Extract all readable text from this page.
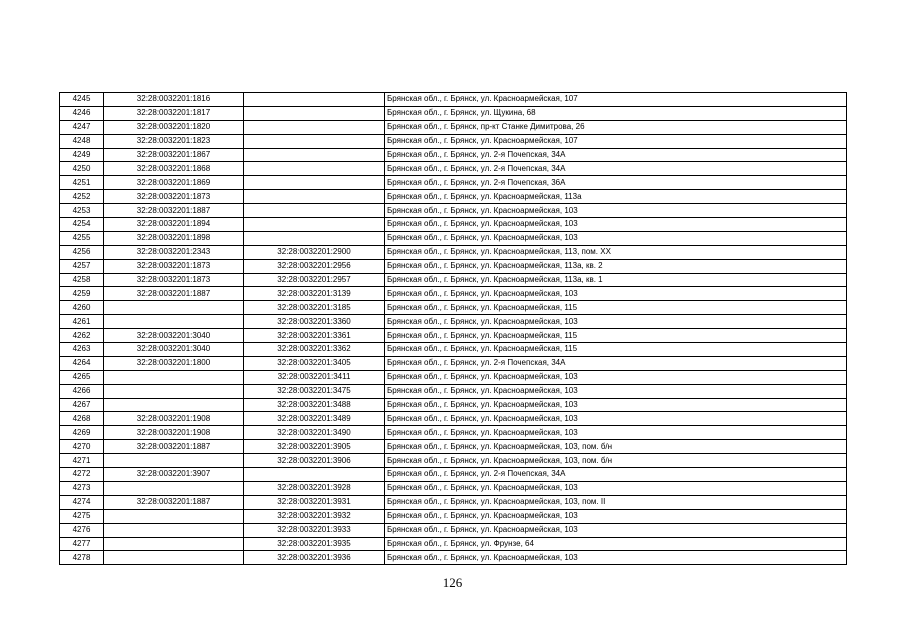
4245	32:28:0032201:1816		Брянская обл., г. Брянск, ул. Красноармейская, 107
4246	32:28:0032201:1817		Брянская обл., г. Брянск, ул. Щукина, 68
4247	32:28:0032201:1820		Брянская обл., г. Брянск, пр-кт Станке Димитрова, 26
4248	32:28:0032201:1823		Брянская обл., г. Брянск, ул. Красноармейская, 107
4249	32:28:0032201:1867		Брянская обл., г. Брянск, ул. 2-я Почепская, 34А
4250	32:28:0032201:1868		Брянская обл., г. Брянск, ул. 2-я Почепская, 34А
4251	32:28:0032201:1869		Брянская обл., г. Брянск, ул. 2-я Почепская, 36А
4252	32:28:0032201:1873		Брянская обл., г. Брянск, ул. Красноармейская, 113а
4253	32:28:0032201:1887		Брянская обл., г. Брянск, ул. Красноармейская, 103
4254	32:28:0032201:1894		Брянская обл., г. Брянск, ул. Красноармейская, 103
4255	32:28:0032201:1898		Брянская обл., г. Брянск, ул. Красноармейская, 103
4256	32:28:0032201:2343	32:28:0032201:2900	Брянская обл., г. Брянск, ул. Красноармейская, 113, пом. XX
4257	32:28:0032201:1873	32:28:0032201:2956	Брянская обл., г. Брянск, ул. Красноармейская, 113а, кв. 2
4258	32:28:0032201:1873	32:28:0032201:2957	Брянская обл., г. Брянск, ул. Красноармейская, 113а, кв. 1
4259	32:28:0032201:1887	32:28:0032201:3139	Брянская обл., г. Брянск, ул. Красноармейская, 103
4260		32:28:0032201:3185	Брянская обл., г. Брянск, ул. Красноармейская, 115
4261		32:28:0032201:3360	Брянская обл., г. Брянск, ул. Красноармейская, 103
4262	32:28:0032201:3040	32:28:0032201:3361	Брянская обл., г. Брянск, ул. Красноармейская, 115
4263	32:28:0032201:3040	32:28:0032201:3362	Брянская обл., г. Брянск, ул. Красноармейская, 115
4264	32:28:0032201:1800	32:28:0032201:3405	Брянская обл., г. Брянск, ул. 2-я Почепская, 34А
4265		32:28:0032201:3411	Брянская обл., г. Брянск, ул. Красноармейская, 103
4266		32:28:0032201:3475	Брянская обл., г. Брянск, ул. Красноармейская, 103
4267		32:28:0032201:3488	Брянская обл., г. Брянск, ул. Красноармейская, 103
4268	32:28:0032201:1908	32:28:0032201:3489	Брянская обл., г. Брянск, ул. Красноармейская, 103
4269	32:28:0032201:1908	32:28:0032201:3490	Брянская обл., г. Брянск, ул. Красноармейская, 103
4270	32:28:0032201:1887	32:28:0032201:3905	Брянская обл., г. Брянск, ул. Красноармейская, 103, пом. б/н
4271		32:28:0032201:3906	Брянская обл., г. Брянск, ул. Красноармейская, 103, пом. б/н
4272	32:28:0032201:3907		Брянская обл., г. Брянск, ул. 2-я Почепская, 34А
4273		32:28:0032201:3928	Брянская обл., г. Брянск, ул. Красноармейская, 103
4274	32:28:0032201:1887	32:28:0032201:3931	Брянская обл., г. Брянск, ул. Красноармейская, 103, пом. II
4275		32:28:0032201:3932	Брянская обл., г. Брянск, ул. Красноармейская, 103
4276		32:28:0032201:3933	Брянская обл., г. Брянск, ул. Красноармейская, 103
4277		32:28:0032201:3935	Брянская обл., г. Брянск, ул. Фрунзе, 64
4278		32:28:0032201:3936	Брянская обл., г. Брянск, ул. Красноармейская, 103
126
